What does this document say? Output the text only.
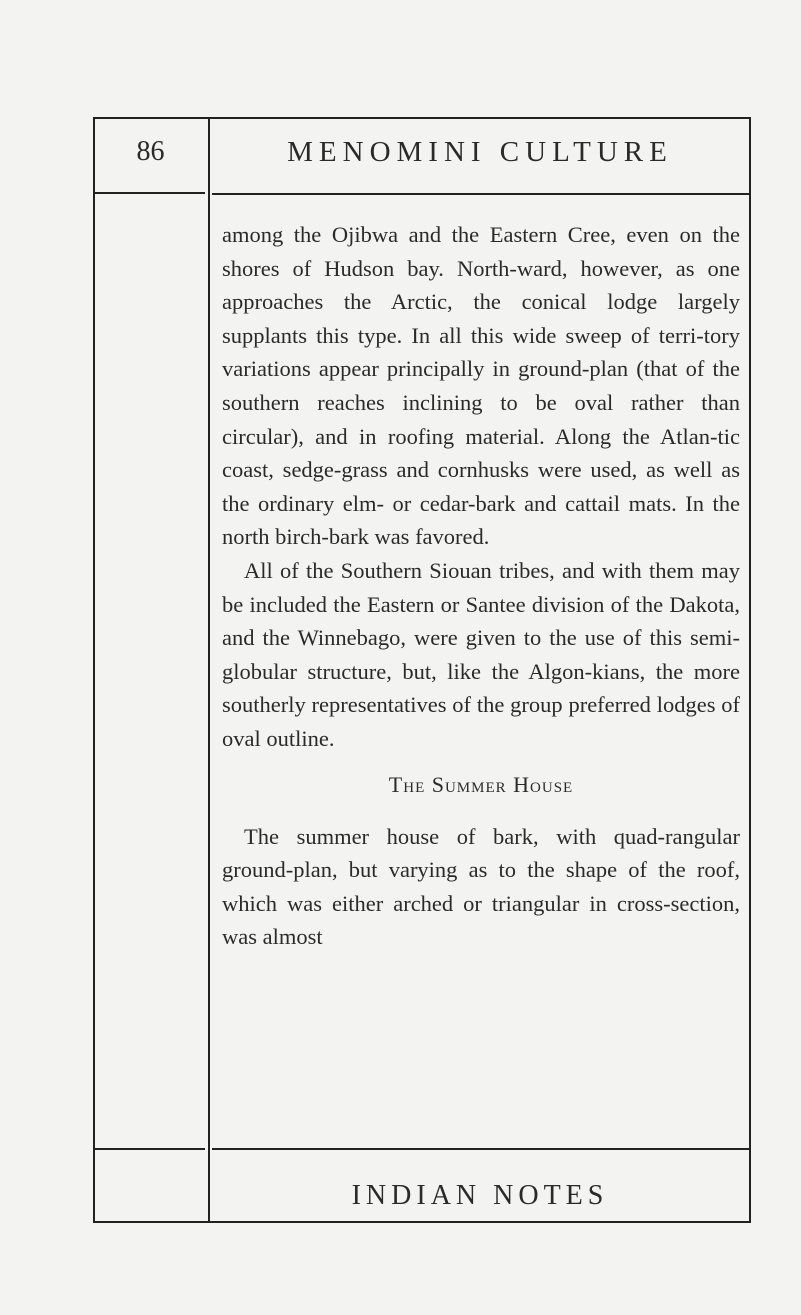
86	MENOMINI CULTURE

among the Ojibwa and the Eastern Cree, even on the shores of Hudson bay. North-ward, however, as one approaches the Arctic, the conical lodge largely supplants this type. In all this wide sweep of terri-tory variations appear principally in ground-plan (that of the southern reaches inclining to be oval rather than circular), and in roofing material. Along the Atlan-tic coast, sedge-grass and cornhusks were used, as well as the ordinary elm- or cedar-bark and cattail mats. In the north birch-bark was favored.

All of the Southern Siouan tribes, and with them may be included the Eastern or Santee division of the Dakota, and the Winnebago, were given to the use of this semi-globular structure, but, like the Algon-kians, the more southerly representatives of the group preferred lodges of oval outline.

The Summer House

The summer house of bark, with quad-rangular ground-plan, but varying as to the shape of the roof, which was either arched or triangular in cross-section, was almost

INDIAN NOTES
